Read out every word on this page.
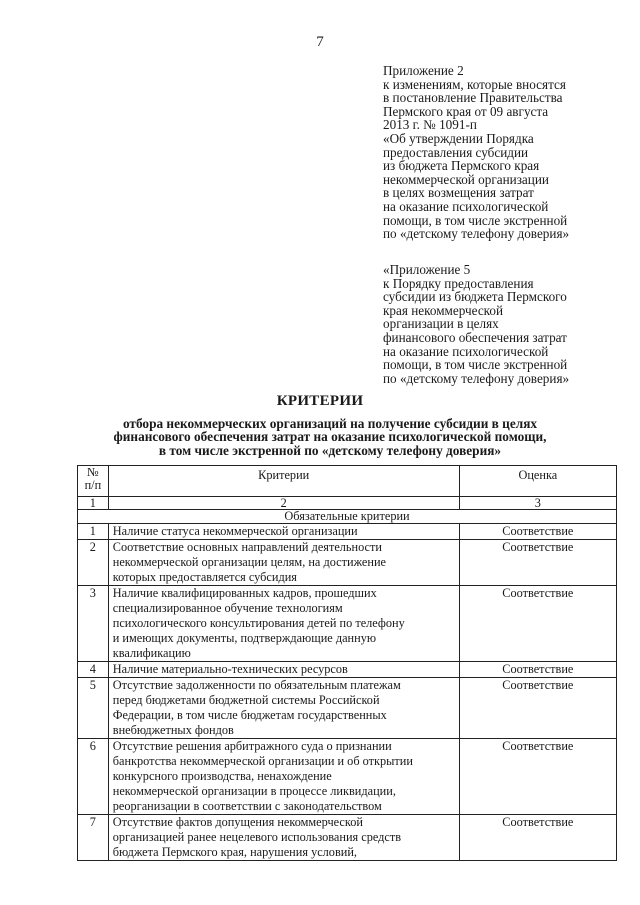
7
Приложение 2
к изменениям, которые вносятся
в постановление Правительства
Пермского края от 09 августа
2013 г. № 1091-п
«Об утверждении Порядка
предоставления субсидии
из бюджета Пермского края
некоммерческой организации
в целях возмещения затрат
на оказание психологической
помощи, в том числе экстренной
по «детскому телефону доверия»
«Приложение 5
к Порядку предоставления
субсидии из бюджета Пермского
края некоммерческой
организации в целях
финансового обеспечения затрат
на оказание психологической
помощи, в том числе экстренной
по «детскому телефону доверия»
КРИТЕРИИ
отбора некоммерческих организаций на получение субсидии в целях
финансового обеспечения затрат на оказание психологической помощи,
в том числе экстренной по «детскому телефону доверия»
№
п/п	Критерии	Оценка

1	2	3
Обязательные критерии		
1	Наличие статуса некоммерческой организации	Соответствие
2	Соответствие основных направлений деятельности
некоммерческой организации целям, на достижение
которых предоставляется субсидия	Соответствие
3	Наличие квалифицированных кадров, прошедших
специализированное обучение технологиям
психологического консультирования детей по телефону
и имеющих документы, подтверждающие данную
квалификацию	Соответствие
4	Наличие материально-технических ресурсов	Соответствие
5	Отсутствие задолженности по обязательным платежам
перед бюджетами бюджетной системы Российской
Федерации, в том числе бюджетам государственных
внебюджетных фондов	Соответствие
6	Отсутствие решения арбитражного суда о признании
банкротства некоммерческой организации и об открытии
конкурсного производства, ненахождение
некоммерческой организации в процессе ликвидации,
реорганизации в соответствии с законодательством	Соответствие
7	Отсутствие фактов допущения некоммерческой
организацией ранее нецелевого использования средств
бюджета Пермского края, нарушения условий,	Соответствие
